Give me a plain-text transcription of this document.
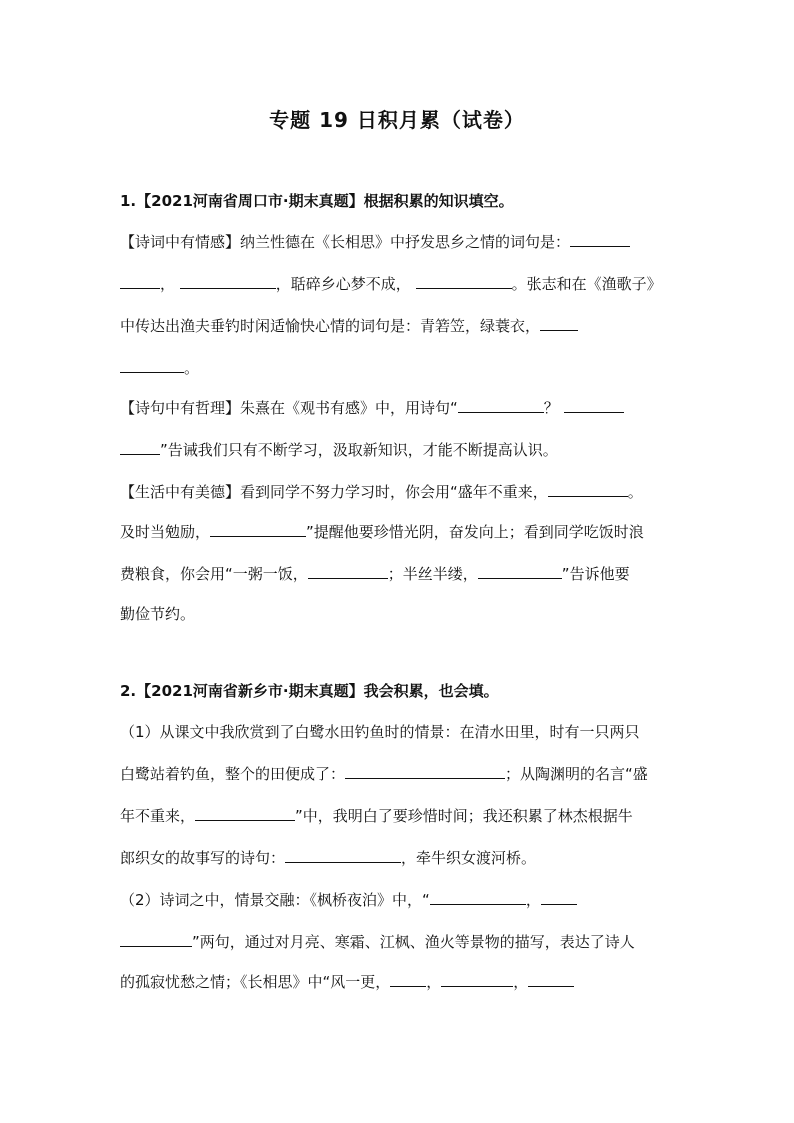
专题 19 日积月累（试卷）
1.【2021河南省周口市·期末真题】根据积累的知识填空。
【诗词中有情感】纳兰性德在《长相思》中抒发思乡之情的词句是：
，	，聒碎乡心梦不成，	。张志和在《渔歌子》
中传达出渔夫垂钓时闲适愉快心情的词句是：青箬笠，绿蓑衣，
。
【诗句中有哲理】朱熹在《观书有感》中，用诗句“	？
”告诫我们只有不断学习，汲取新知识，才能不断提高认识。
【生活中有美德】看到同学不努力学习时，你会用“盛年不重来，	。
及时当勉励，	”提醒他要珍惜光阴，奋发向上；看到同学吃饭时浪
费粮食，你会用“一粥一饭，	；半丝半缕，	”告诉他要
勤俭节约。
2.【2021河南省新乡市·期末真题】我会积累，也会填。
（1）从课文中我欣赏到了白鹭水田钓鱼时的情景：在清水田里，时有一只两只
白鹭站着钓鱼，整个的田便成了：	；从陶渊明的名言“盛
年不重来，	”中，我明白了要珍惜时间；我还积累了林杰根据牛
郎织女的故事写的诗句：	，牵牛织女渡河桥。
（2）诗词之中，情景交融：《枫桥夜泊》中，“	，
”两句，通过对月亮、寒霜、江枫、渔火等景物的描写，表达了诗人
的孤寂忧愁之情；《长相思》中“风一更， ，	，
